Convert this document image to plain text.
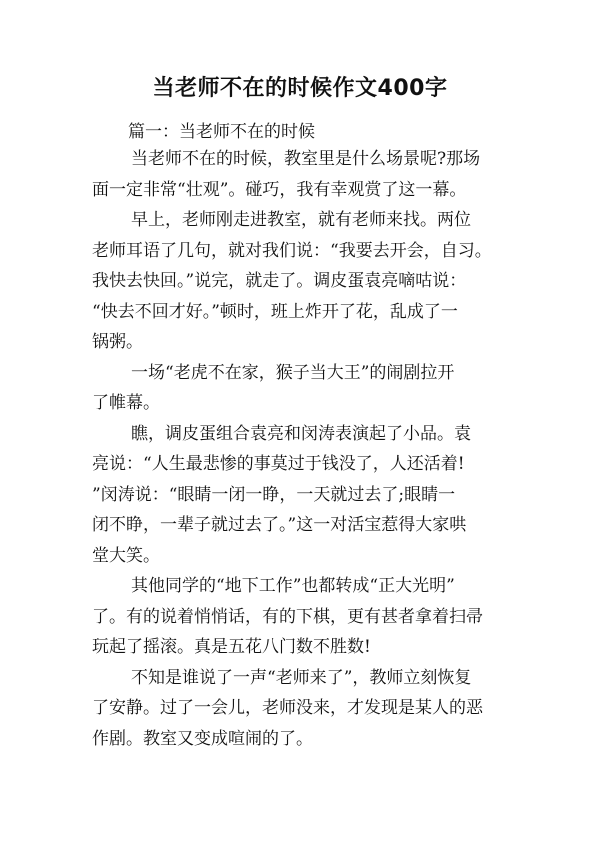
当老师不在的时候作文400字
篇一：当老师不在的时候
当老师不在的时候，教室里是什么场景呢?那场
面一定非常“壮观”。碰巧，我有幸观赏了这一幕。
早上，老师刚走进教室，就有老师来找。两位
老师耳语了几句，就对我们说：“我要去开会，自习。
我快去快回。”说完，就走了。调皮蛋袁亮嘀咕说：
“快去不回才好。”顿时，班上炸开了花，乱成了一
锅粥。
一场“老虎不在家，猴子当大王”的闹剧拉开
了帷幕。
瞧，调皮蛋组合袁亮和闵涛表演起了小品。袁
亮说：“人生最悲惨的事莫过于钱没了，人还活着!
”闵涛说：“眼睛一闭一睁，一天就过去了;眼睛一
闭不睁，一辈子就过去了。”这一对活宝惹得大家哄
堂大笑。
其他同学的“地下工作”也都转成“正大光明”
了。有的说着悄悄话，有的下棋，更有甚者拿着扫帚
玩起了摇滚。真是五花八门数不胜数!
不知是谁说了一声“老师来了”，教师立刻恢复
了安静。过了一会儿，老师没来，才发现是某人的恶
作剧。教室又变成喧闹的了。
